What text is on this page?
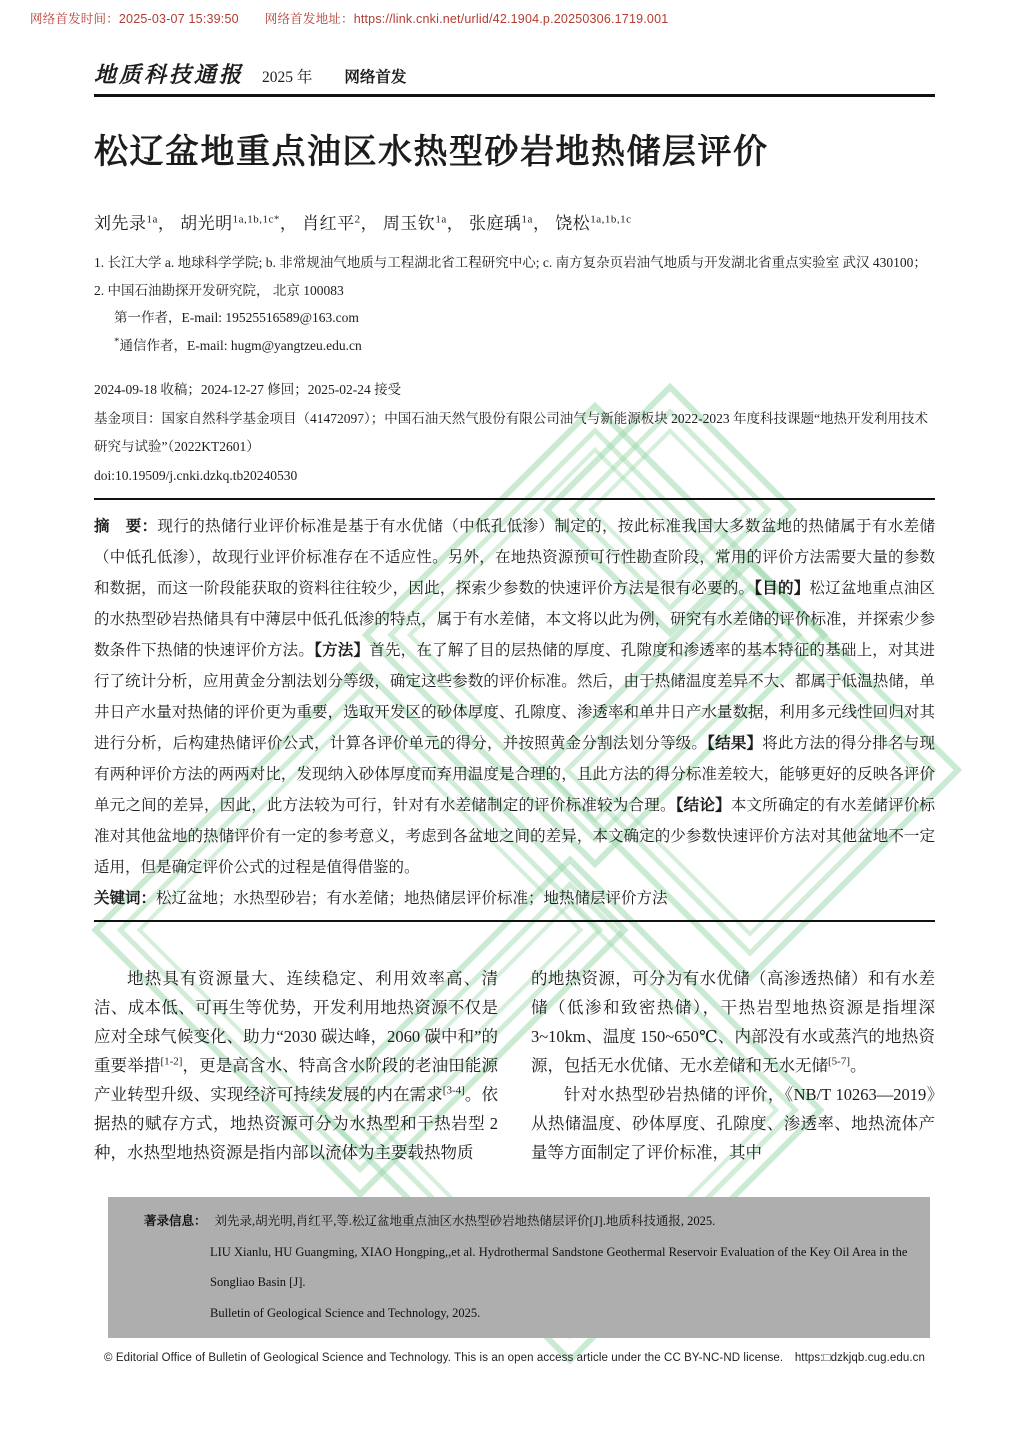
网络首发时间：2025-03-07 15:39:50 网络首发地址：https://link.cnki.net/urlid/42.1904.p.20250306.1719.001
地质科技通报 2025 年 网络首发
松辽盆地重点油区水热型砂岩地热储层评价
刘先录$^{1a}$， 胡光明$^{1a,1b,1c*}$， 肖红平$^2$， 周玉钦$^{1a}$， 张庭瑀$^{1a}$， 饶松$^{1a,1b,1c}$
1. 长江大学 a. 地球科学学院; b. 非常规油气地质与工程湖北省工程研究中心; c. 南方复杂页岩油气地质与开发湖北省重点实验室 武汉 430100；
2. 中国石油勘探开发研究院， 北京 100083
第一作者，E-mail: 19525516589@163.com
*通信作者，E-mail: hugm@yangtzeu.edu.cn
2024-09-18 收稿；2024-12-27 修回；2025-02-24 接受
基金项目：国家自然科学基金项目（41472097）；中国石油天然气股份有限公司油气与新能源板块 2022-2023 年度科技课题“地热开发利用技术研究与试验”（2022KT2601）
doi:10.19509/j.cnki.dzkq.tb20240530

摘　要：现行的热储行业评价标准是基于有水优储（中低孔低渗）制定的，按此标准我国大多数盆地的热储属于有水差储（中低孔低渗），故现行业评价标准存在不适应性。另外，在地热资源预可行性勘查阶段，常用的评价方法需要大量的参数和数据，而这一阶段能获取的资料往往较少，因此，探索少参数的快速评价方法是很有必要的。【目的】松辽盆地重点油区的水热型砂岩热储具有中薄层中低孔低渗的特点，属于有水差储，本文将以此为例，研究有水差储的评价标准，并探索少参数条件下热储的快速评价方法。【方法】首先，在了解了目的层热储的厚度、孔隙度和渗透率的基本特征的基础上，对其进行了统计分析，应用黄金分割法划分等级，确定这些参数的评价标准。然后，由于热储温度差异不大、都属于低温热储，单井日产水量对热储的评价更为重要，选取开发区的砂体厚度、孔隙度、渗透率和单井日产水量数据，利用多元线性回归对其进行分析，后构建热储评价公式，计算各评价单元的得分，并按照黄金分割法划分等级。【结果】将此方法的得分排名与现有两种评价方法的两两对比，发现纳入砂体厚度而弃用温度是合理的，且此方法的得分标准差较大，能够更好的反映各评价单元之间的差异，因此，此方法较为可行，针对有水差储制定的评价标准较为合理。【结论】本文所确定的有水差储评价标准对其他盆地的热储评价有一定的参考意义，考虑到各盆地之间的差异，本文确定的少参数快速评价方法对其他盆地不一定适用，但是确定评价公式的过程是值得借鉴的。

关键词：松辽盆地；水热型砂岩；有水差储；地热储层评价标准；地热储层评价方法

地热具有资源量大、连续稳定、利用效率高、清洁、成本低、可再生等优势，开发利用地热资源不仅是应对全球气候变化、助力“2030 碳达峰，2060 碳中和”的重要举措[1-2]，更是高含水、特高含水阶段的老油田能源产业转型升级、实现经济可持续发展的内在需求[3-4]。依据热的赋存方式，地热资源可分为水热型和干热岩型 2 种，水热型地热资源是指内部以流体为主要载热物质

的地热资源，可分为有水优储（高渗透热储）和有水差储（低渗和致密热储），干热岩型地热资源是指埋深 3~10km、温度 150~650℃、内部没有水或蒸汽的地热资源，包括无水优储、无水差储和无水无储[5-7]。

针对水热型砂岩热储的评价，《NB/T 10263—2019》从热储温度、砂体厚度、孔隙度、渗透率、地热流体产量等方面制定了评价标准，其中

著录信息： 刘先录,胡光明,肖红平,等.松辽盆地重点油区水热型砂岩地热储层评价[J].地质科技通报, 2025.
LIU Xianlu, HU Guangming, XIAO Hongping,,et al. Hydrothermal Sandstone Geothermal Reservoir Evaluation of the Key Oil Area in the Songliao Basin [J].
Bulletin of Geological Science and Technology, 2025.
© Editorial Office of Bulletin of Geological Science and Technology. This is an open access article under the CC BY-NC-ND license.　https:□dzkjqb.cug.edu.cn
